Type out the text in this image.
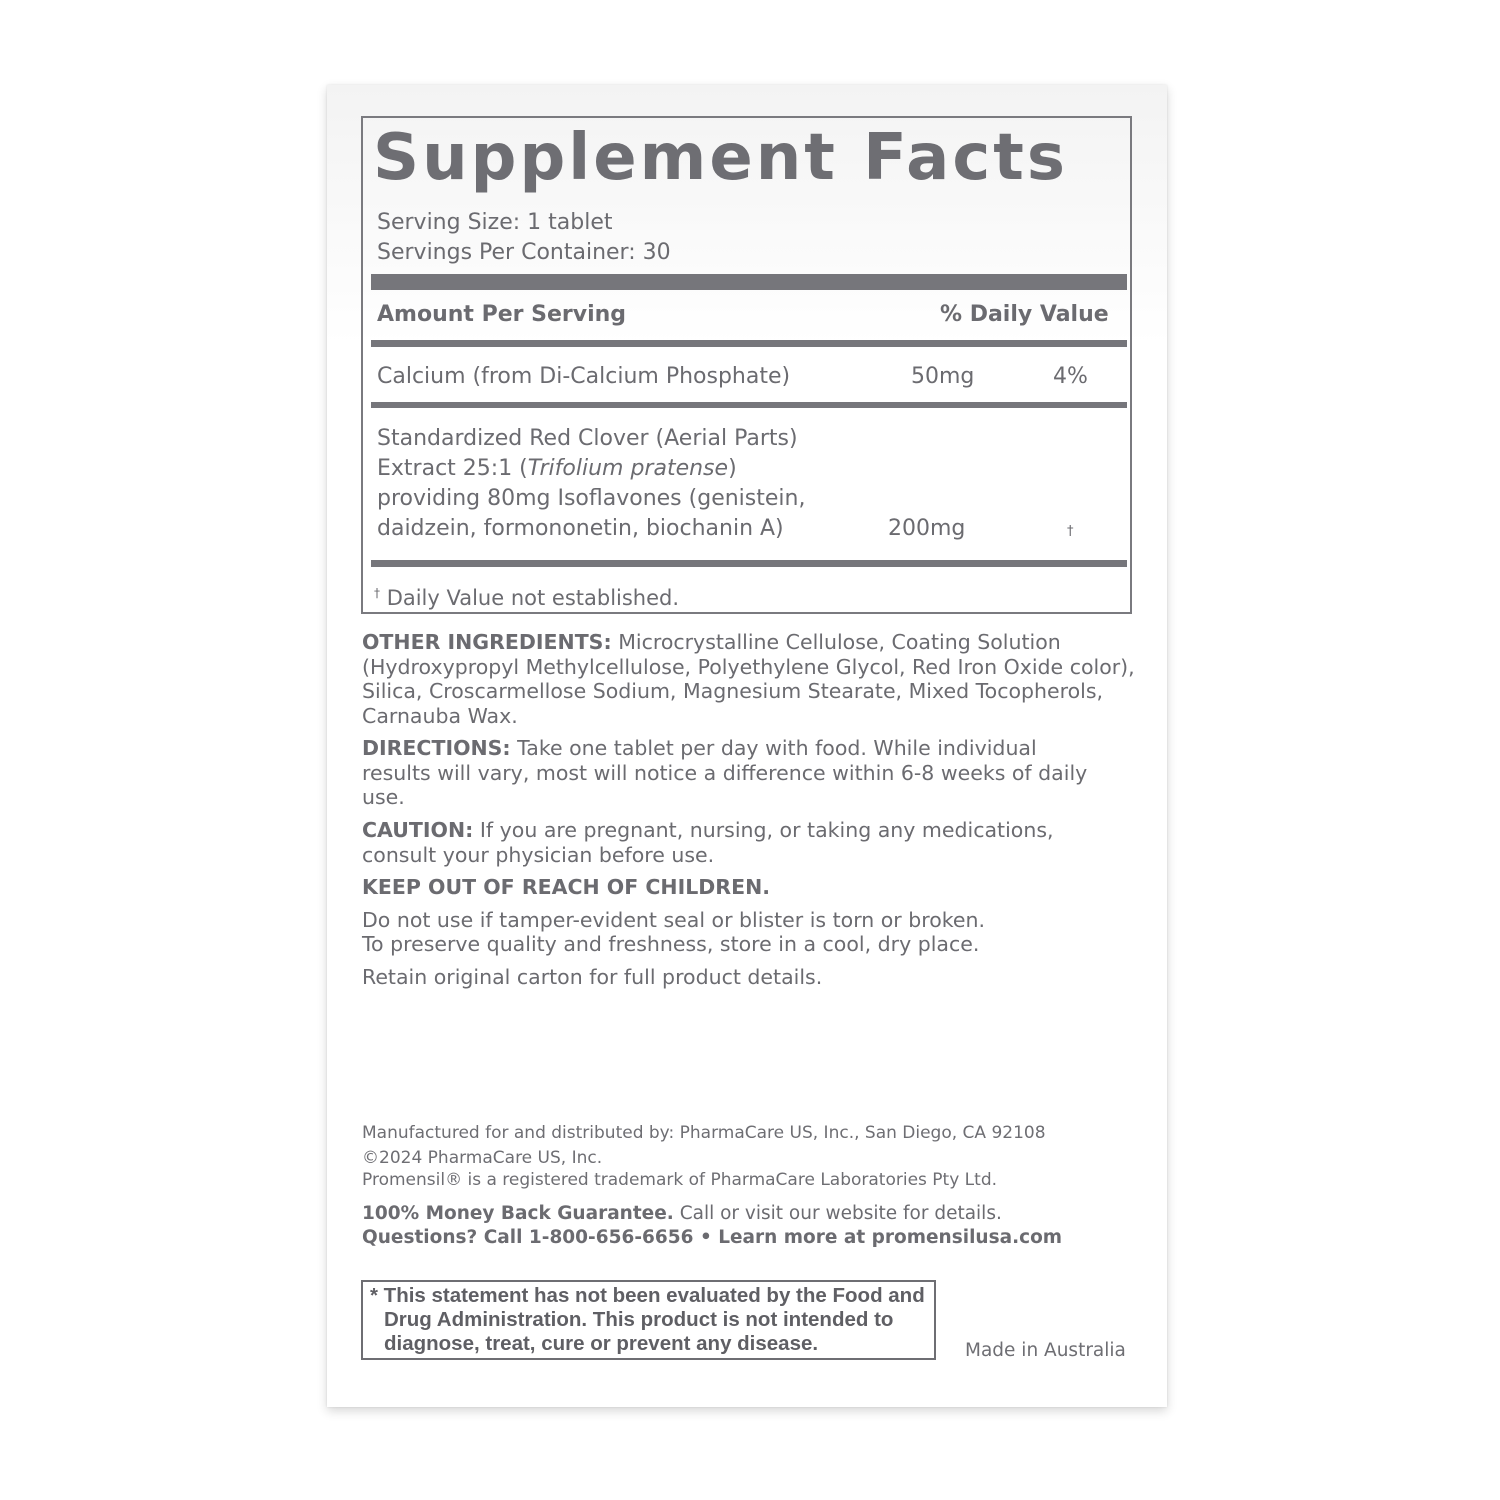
Supplement Facts
Serving Size: 1 tablet
Servings Per Container: 30
Amount Per Serving	% Daily Value
Calcium (from Di-Calcium Phosphate)	50mg	4%
Standardized Red Clover (Aerial Parts)
Extract 25:1 (Trifolium pratense)
providing 80mg Isoflavones (genistein,
daidzein, formononetin, biochanin A)	200mg	†
† Daily Value not established.
OTHER INGREDIENTS: Microcrystalline Cellulose, Coating Solution (Hydroxypropyl Methylcellulose, Polyethylene Glycol, Red Iron Oxide color), Silica, Croscarmellose Sodium, Magnesium Stearate, Mixed Tocopherols, Carnauba Wax.
DIRECTIONS: Take one tablet per day with food. While individual results will vary, most will notice a difference within 6-8 weeks of daily use.
CAUTION: If you are pregnant, nursing, or taking any medications, consult your physician before use.
KEEP OUT OF REACH OF CHILDREN.
Do not use if tamper-evident seal or blister is torn or broken.
To preserve quality and freshness, store in a cool, dry place.
Retain original carton for full product details.
Manufactured for and distributed by: PharmaCare US, Inc., San Diego, CA 92108
©2024 PharmaCare US, Inc.
Promensil® is a registered trademark of PharmaCare Laboratories Pty Ltd.
100% Money Back Guarantee. Call or visit our website for details.
Questions? Call 1-800-656-6656 • Learn more at promensilusa.com
* This statement has not been evaluated by the Food and
Drug Administration. This product is not intended to
diagnose, treat, cure or prevent any disease.	Made in Australia
